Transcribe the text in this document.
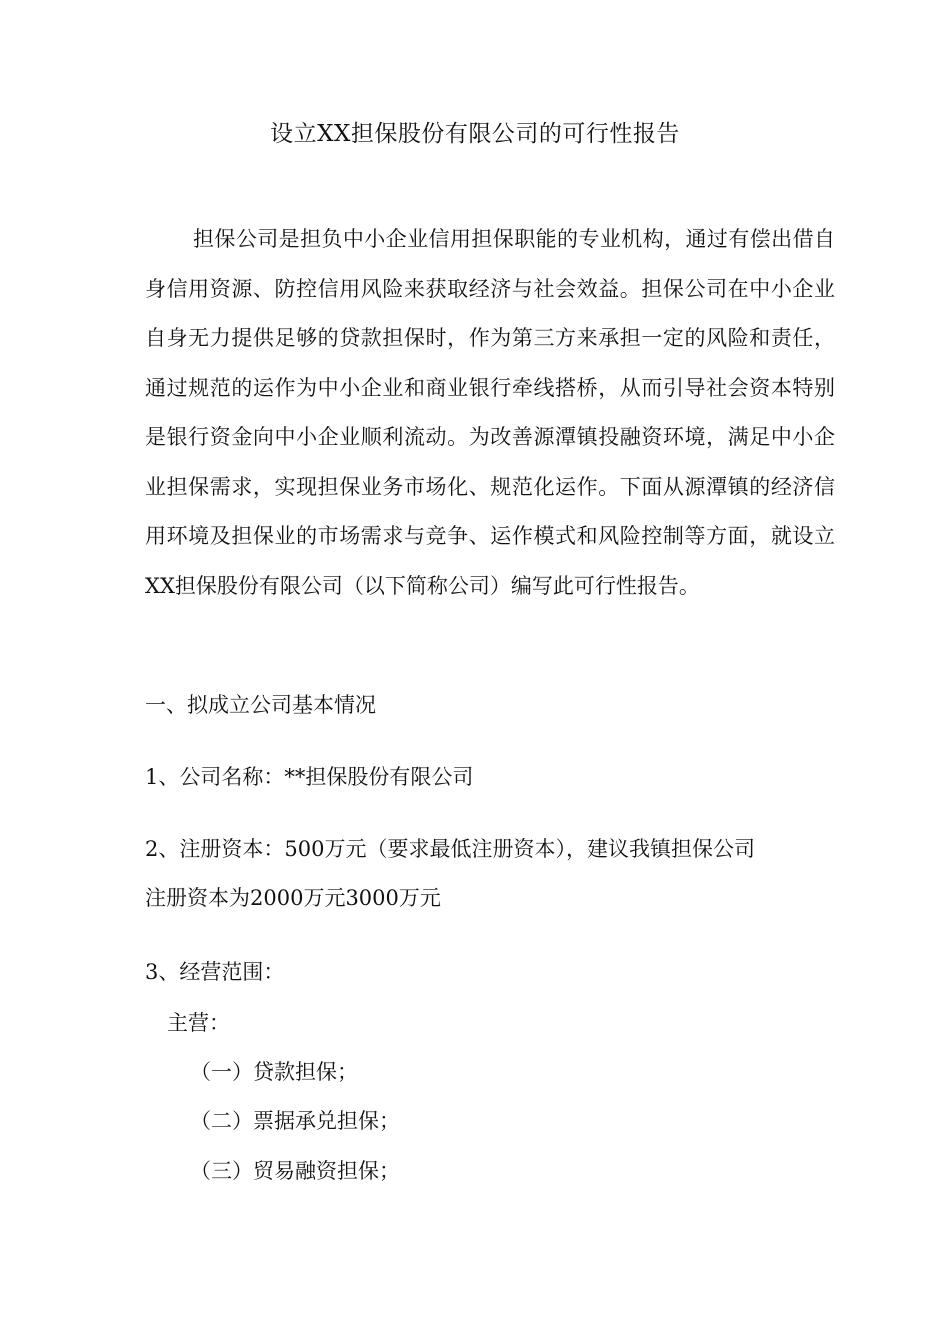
设立XX担保股份有限公司的可行性报告

担保公司是担负中小企业信用担保职能的专业机构，通过有偿出借自身信用资源、防控信用风险来获取经济与社会效益。担保公司在中小企业自身无力提供足够的贷款担保时，作为第三方来承担一定的风险和责任，通过规范的运作为中小企业和商业银行牵线搭桥，从而引导社会资本特别是银行资金向中小企业顺利流动。为改善源潭镇投融资环境，满足中小企业担保需求，实现担保业务市场化、规范化运作。下面从源潭镇的经济信用环境及担保业的市场需求与竞争、运作模式和风险控制等方面，就设立XX担保股份有限公司（以下简称公司）编写此可行性报告。

一、拟成立公司基本情况

1、公司名称：**担保股份有限公司

2、注册资本：500万元（要求最低注册资本），建议我镇担保公司

注册资本为2000万元3000万元

3、经营范围：

主营：

（一）贷款担保；

（二）票据承兑担保；

（三）贸易融资担保；
